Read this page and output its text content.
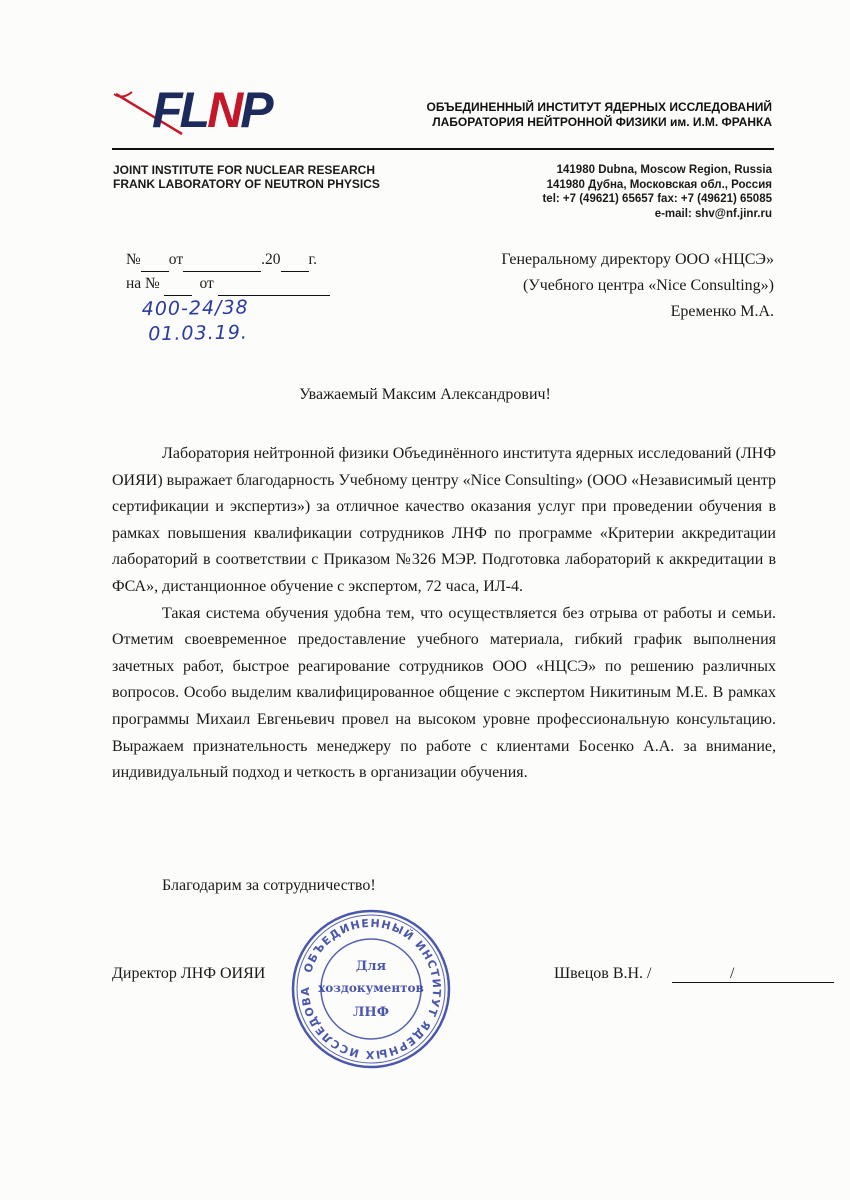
FLNP	ОБЪЕДИНЕННЫЙ ИНСТИТУТ ЯДЕРНЫХ ИССЛЕДОВАНИЙ
ЛАБОРАТОРИЯ НЕЙТРОННОЙ ФИЗИКИ им. И.М. ФРАНКА
JOINT INSTITUTE FOR NUCLEAR RESEARCH
FRANK LABORATORY OF NEUTRON PHYSICS
141980 Dubna, Moscow Region, Russia
141980 Дубна, Московская обл., Россия
tel: +7 (49621) 65657 fax: +7 (49621) 65085
e-mail: shv@nf.jinr.ru
№ от	.20 г.
на №

	от

400-24/38
01.03.19.
Генеральному директору ООО «НЦСЭ»
(Учебного центра «Nice Consulting»)
Еременко М.А.
Уважаемый Максим Александрович!

Лаборатория нейтронной физики Объединённого института ядерных исследований (ЛНФ ОИЯИ) выражает благодарность Учебному центру «Nice Consulting» (ООО «Независимый центр сертификации и экспертиз») за отличное качество оказания услуг при проведении обучения в рамках повышения квалификации сотрудников ЛНФ по программе «Критерии аккредитации лабораторий в соответствии с Приказом №326 МЭР. Подготовка лабораторий к аккредитации в ФСА», дистанционное обучение с экспертом, 72 часа, ИЛ-4.

Такая система обучения удобна тем, что осуществляется без отрыва от работы и семьи. Отметим своевременное предоставление учебного материала, гибкий график выполнения зачетных работ, быстрое реагирование сотрудников ООО «НЦСЭ» по решению различных вопросов. Особо выделим квалифицированное общение с экспертом Никитиным М.Е. В рамках программы Михаил Евгеньевич провел на высоком уровне профессиональную консультацию. Выражаем признательность менеджеру по работе с клиентами Босенко А.А. за внимание, индивидуальный подход и четкость в организации обучения.

Благодарим за сотрудничество!
Директор ЛНФ ОИЯИ	Швецов В.Н. /	/
ОБЪЕДИНЕННЫЙ ИНСТИТУТ ЯДЕРНЫХ ИССЛЕДОВА
Для
хоздокументов
ЛНФ
